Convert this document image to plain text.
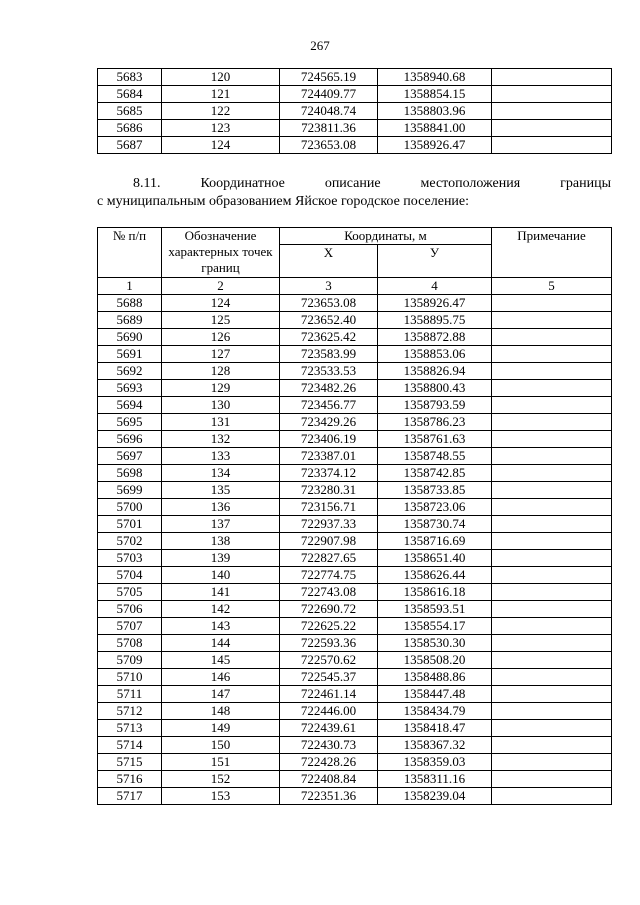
267
5683	120	724565.19	1358940.68	
5684	121	724409.77	1358854.15	
5685	122	724048.74	1358803.96	
5686	123	723811.36	1358841.00	
5687	124	723653.08	1358926.47	
8.11.	Координатное	описание	местоположения	границы
с муниципальным образованием Яйское городское поселение:
№ п/п	Обозначение характерных точек границ	Координаты, м		Примечание
		Х	У	
1	2	3	4	5
5688	124	723653.08	1358926.47	
5689	125	723652.40	1358895.75	
5690	126	723625.42	1358872.88	
5691	127	723583.99	1358853.06	
5692	128	723533.53	1358826.94	
5693	129	723482.26	1358800.43	
5694	130	723456.77	1358793.59	
5695	131	723429.26	1358786.23	
5696	132	723406.19	1358761.63	
5697	133	723387.01	1358748.55	
5698	134	723374.12	1358742.85	
5699	135	723280.31	1358733.85	
5700	136	723156.71	1358723.06	
5701	137	722937.33	1358730.74	
5702	138	722907.98	1358716.69	
5703	139	722827.65	1358651.40	
5704	140	722774.75	1358626.44	
5705	141	722743.08	1358616.18	
5706	142	722690.72	1358593.51	
5707	143	722625.22	1358554.17	
5708	144	722593.36	1358530.30	
5709	145	722570.62	1358508.20	
5710	146	722545.37	1358488.86	
5711	147	722461.14	1358447.48	
5712	148	722446.00	1358434.79	
5713	149	722439.61	1358418.47	
5714	150	722430.73	1358367.32	
5715	151	722428.26	1358359.03	
5716	152	722408.84	1358311.16	
5717	153	722351.36	1358239.04	
